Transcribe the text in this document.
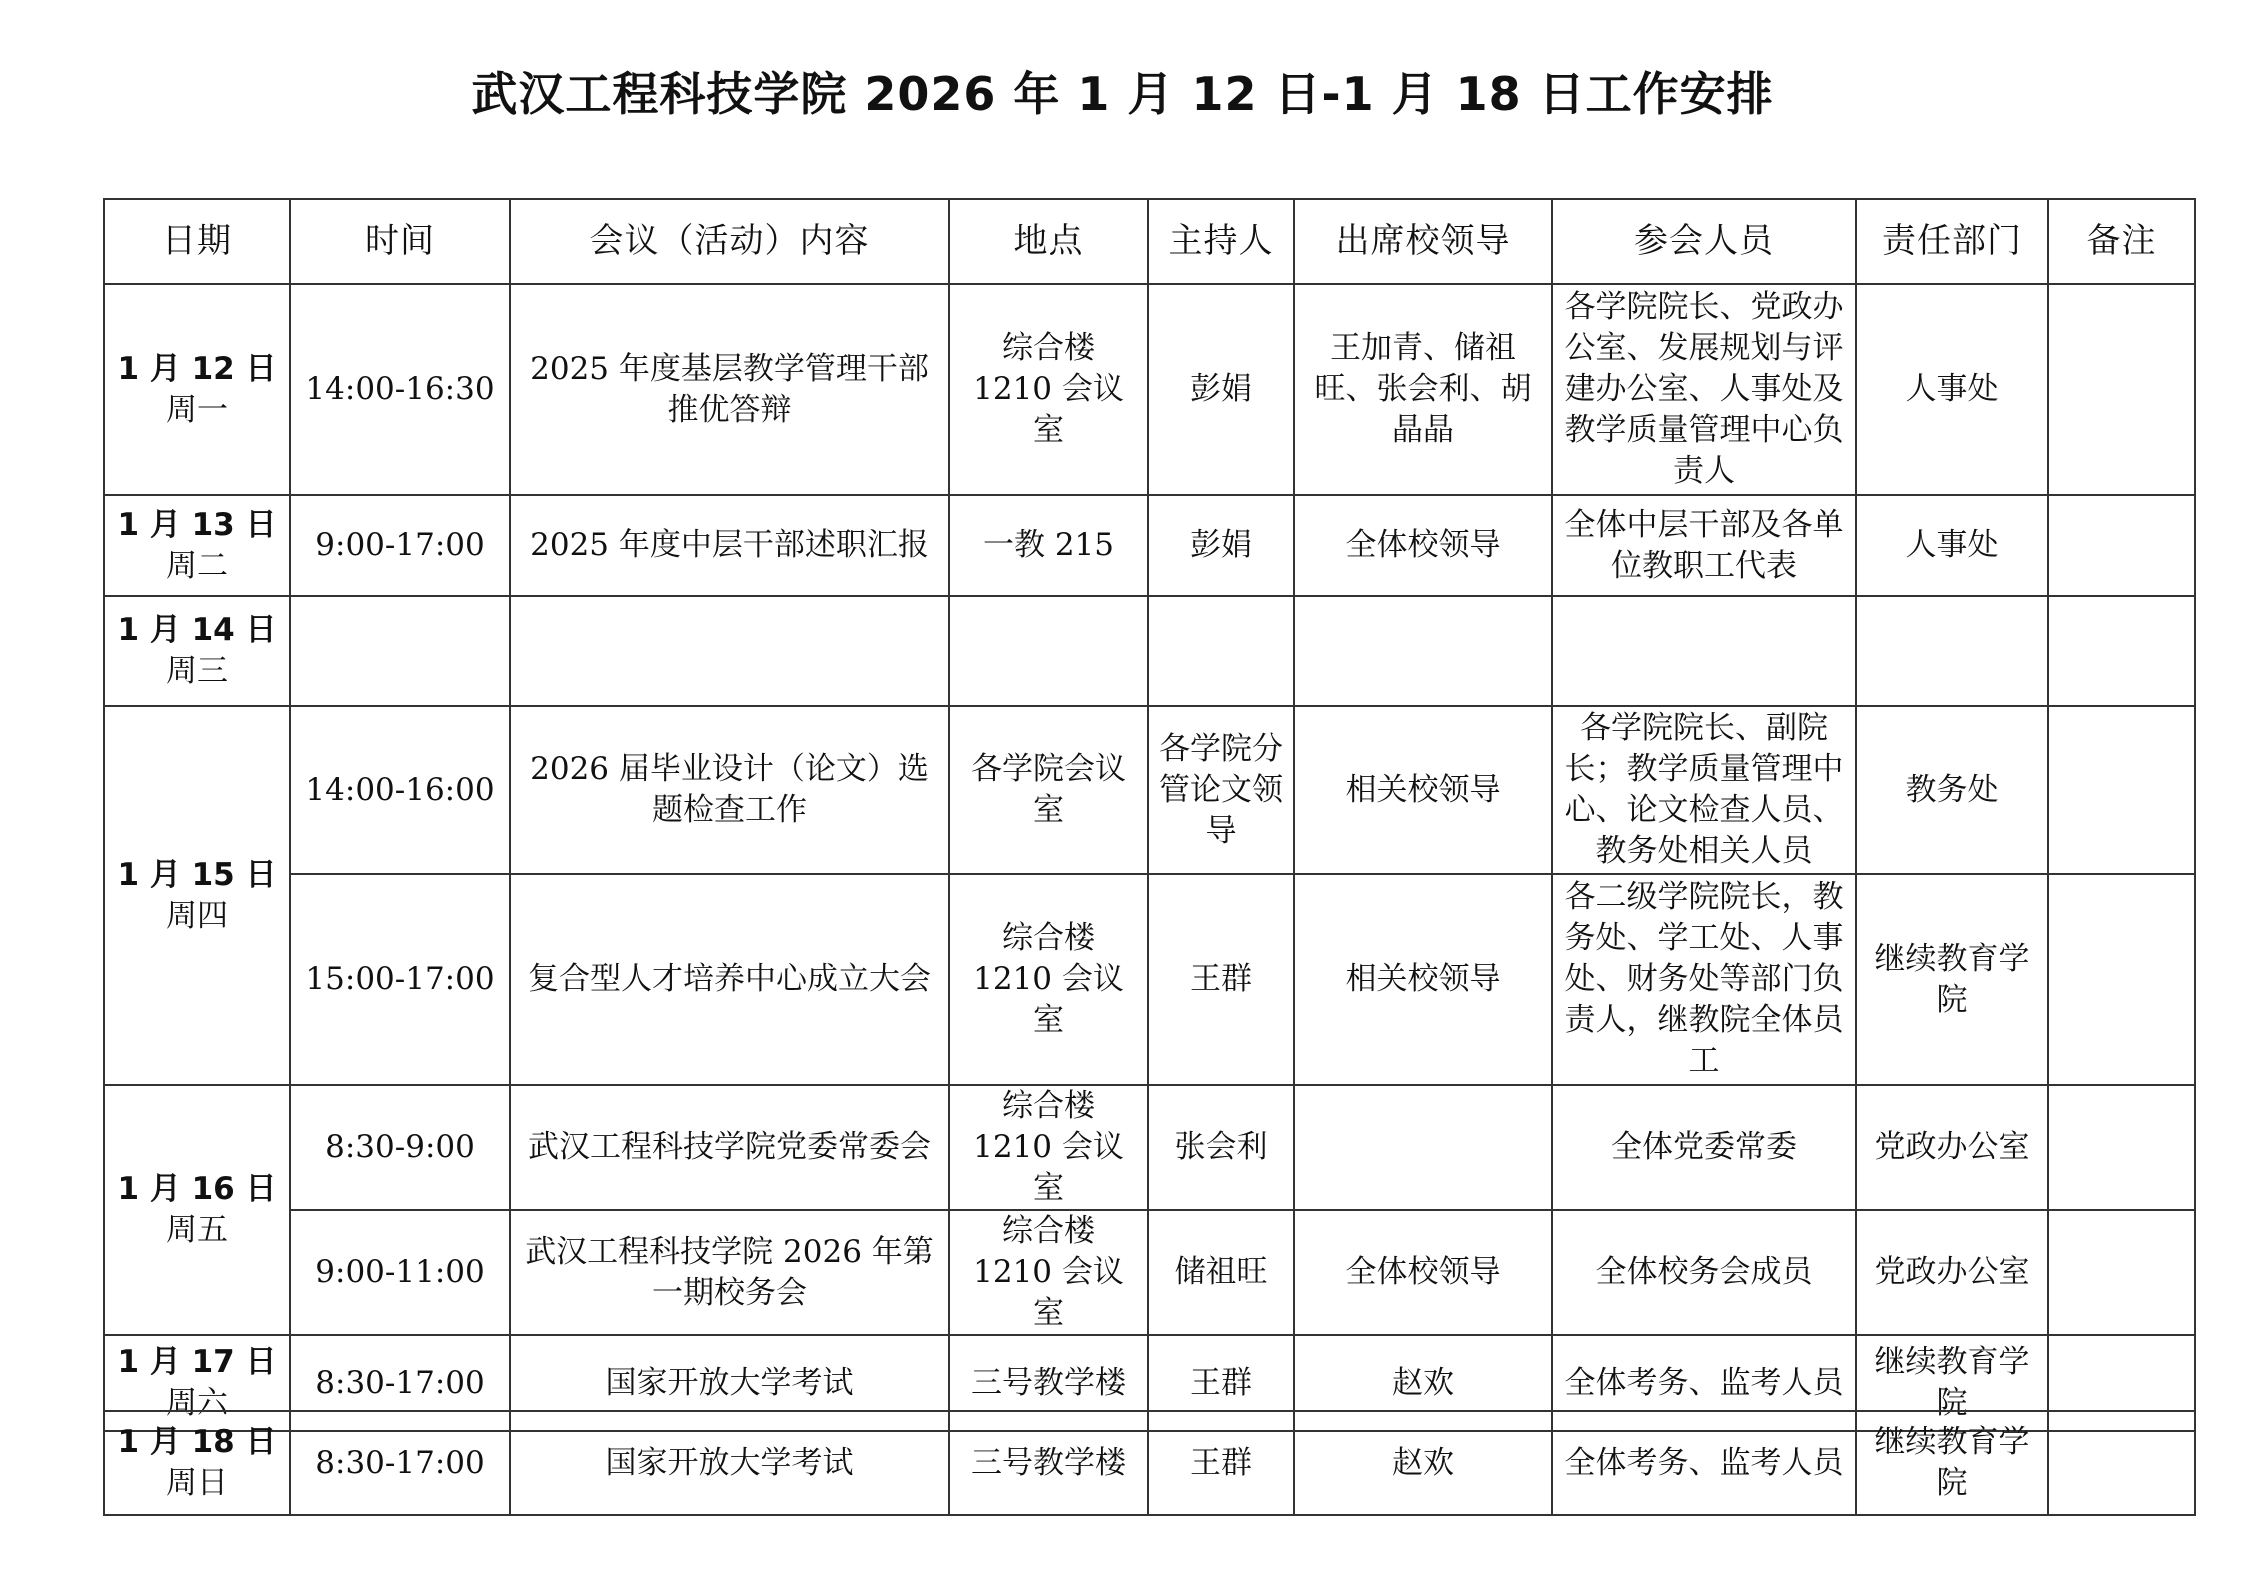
武汉工程科技学院 2026 年 1 月 12 日-1 月 18 日工作安排
日期	时间	会议（活动）内容	地点	主持人	出席校领导	参会人员	责任部门	备注

1 月 12 日
周一	14:00-16:30	2025 年度基层教学管理干部推优答辩	综合楼 1210 会议室	彭娟	王加青、储祖旺、张会利、胡晶晶	各学院院长、党政办公室、发展规划与评建办公室、人事处及教学质量管理中心负责人	人事处	

1 月 13 日
周二	9:00-17:00	2025 年度中层干部述职汇报	一教 215	彭娟	全体校领导	全体中层干部及各单位教职工代表	人事处	

1 月 14 日
周三								

1 月 15 日
周四	14:00-16:00	2026 届毕业设计（论文）选题检查工作	各学院会议室	各学院分管论文领导	相关校领导	各学院院长、副院长；教学质量管理中心、论文检查人员、教务处相关人员	教务处	
	15:00-17:00	复合型人才培养中心成立大会	综合楼 1210 会议室	王群	相关校领导	各二级学院院长，教务处、学工处、人事处、财务处等部门负责人，继教院全体员工	继续教育学院	

1 月 16 日
周五	8:30-9:00	武汉工程科技学院党委常委会	综合楼 1210 会议室	张会利		全体党委常委	党政办公室	
	9:00-11:00	武汉工程科技学院 2026 年第一期校务会	综合楼 1210 会议室	储祖旺	全体校领导	全体校务会成员	党政办公室	

1 月 17 日
周六	8:30-17:00	国家开放大学考试	三号教学楼	王群	赵欢	全体考务、监考人员	继续教育学院	
1 月 18 日
周日
	8:30-17:00	国家开放大学考试	三号教学楼	王群	赵欢	全体考务、监考人员	继续教育学院	
